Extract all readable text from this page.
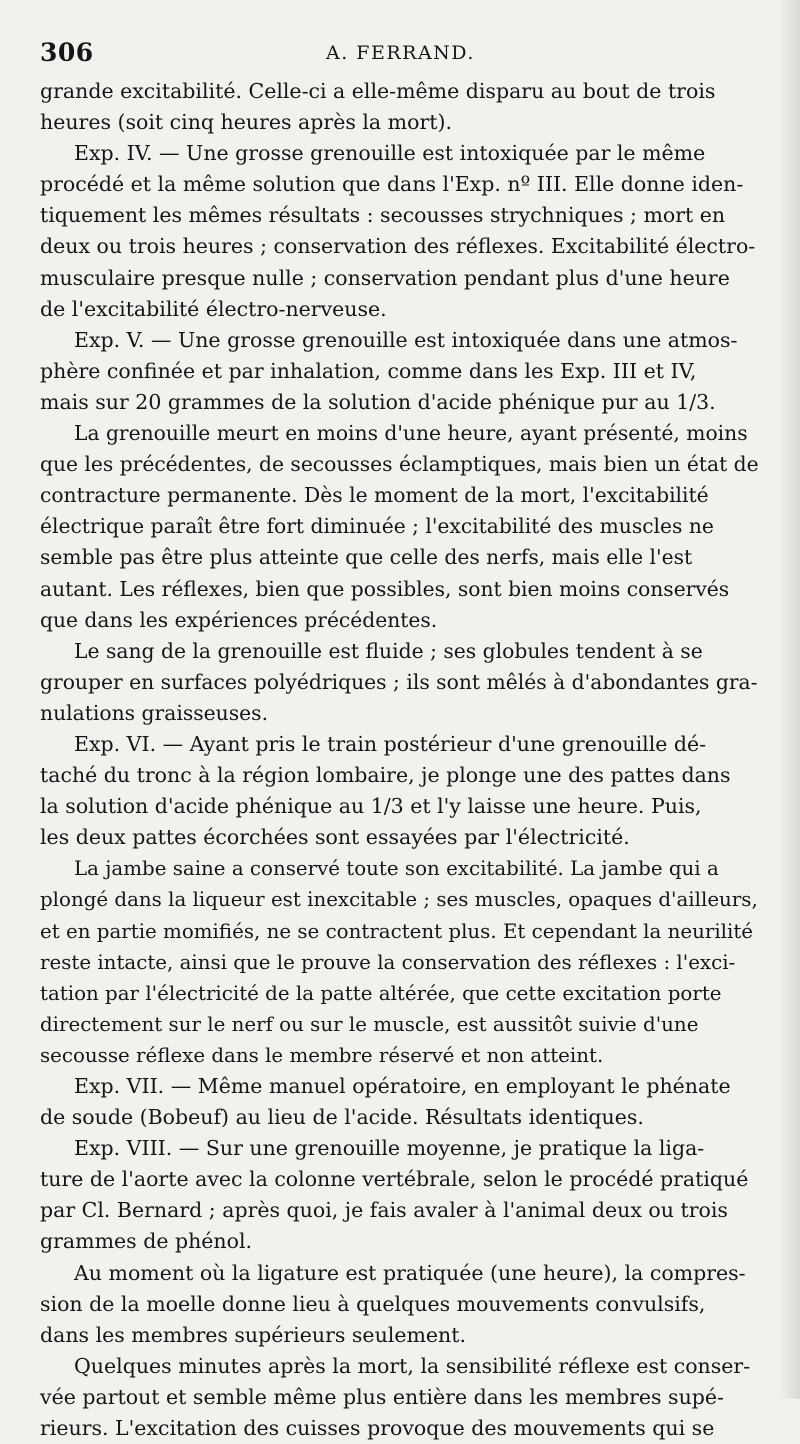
306	A. FERRAND.

grande excitabilité. Celle-ci a elle-même disparu au bout de trois
heures (soit cinq heures après la mort).

Exp. IV. — Une grosse grenouille est intoxiquée par le même
procédé et la même solution que dans l'Exp. nº III. Elle donne iden-
tiquement les mêmes résultats : secousses strychniques ; mort en
deux ou trois heures ; conservation des réflexes. Excitabilité électro-
musculaire presque nulle ; conservation pendant plus d'une heure
de l'excitabilité électro-nerveuse.

Exp. V. — Une grosse grenouille est intoxiquée dans une atmos-
phère confinée et par inhalation, comme dans les Exp. III et IV,
mais sur 20 grammes de la solution d'acide phénique pur au 1/3.

La grenouille meurt en moins d'une heure, ayant présenté, moins
que les précédentes, de secousses éclamptiques, mais bien un état de
contracture permanente. Dès le moment de la mort, l'excitabilité
électrique paraît être fort diminuée ; l'excitabilité des muscles ne
semble pas être plus atteinte que celle des nerfs, mais elle l'est
autant. Les réflexes, bien que possibles, sont bien moins conservés
que dans les expériences précédentes.

Le sang de la grenouille est fluide ; ses globules tendent à se
grouper en surfaces polyédriques ; ils sont mêlés à d'abondantes gra-
nulations graisseuses.

Exp. VI. — Ayant pris le train postérieur d'une grenouille dé-
taché du tronc à la région lombaire, je plonge une des pattes dans
la solution d'acide phénique au 1/3 et l'y laisse une heure. Puis,
les deux pattes écorchées sont essayées par l'électricité.

La jambe saine a conservé toute son excitabilité. La jambe qui a
plongé dans la liqueur est inexcitable ; ses muscles, opaques d'ailleurs,
et en partie momifiés, ne se contractent plus. Et cependant la neurilité
reste intacte, ainsi que le prouve la conservation des réflexes : l'exci-
tation par l'électricité de la patte altérée, que cette excitation porte
directement sur le nerf ou sur le muscle, est aussitôt suivie d'une
secousse réflexe dans le membre réservé et non atteint.

Exp. VII. — Même manuel opératoire, en employant le phénate
de soude (Bobeuf) au lieu de l'acide. Résultats identiques.

Exp. VIII. — Sur une grenouille moyenne, je pratique la liga-
ture de l'aorte avec la colonne vertébrale, selon le procédé pratiqué
par Cl. Bernard ; après quoi, je fais avaler à l'animal deux ou trois
grammes de phénol.

Au moment où la ligature est pratiquée (une heure), la compres-
sion de la moelle donne lieu à quelques mouvements convulsifs,
dans les membres supérieurs seulement.

Quelques minutes après la mort, la sensibilité réflexe est conser-
vée partout et semble même plus entière dans les membres supé-
rieurs. L'excitation des cuisses provoque des mouvements qui se
